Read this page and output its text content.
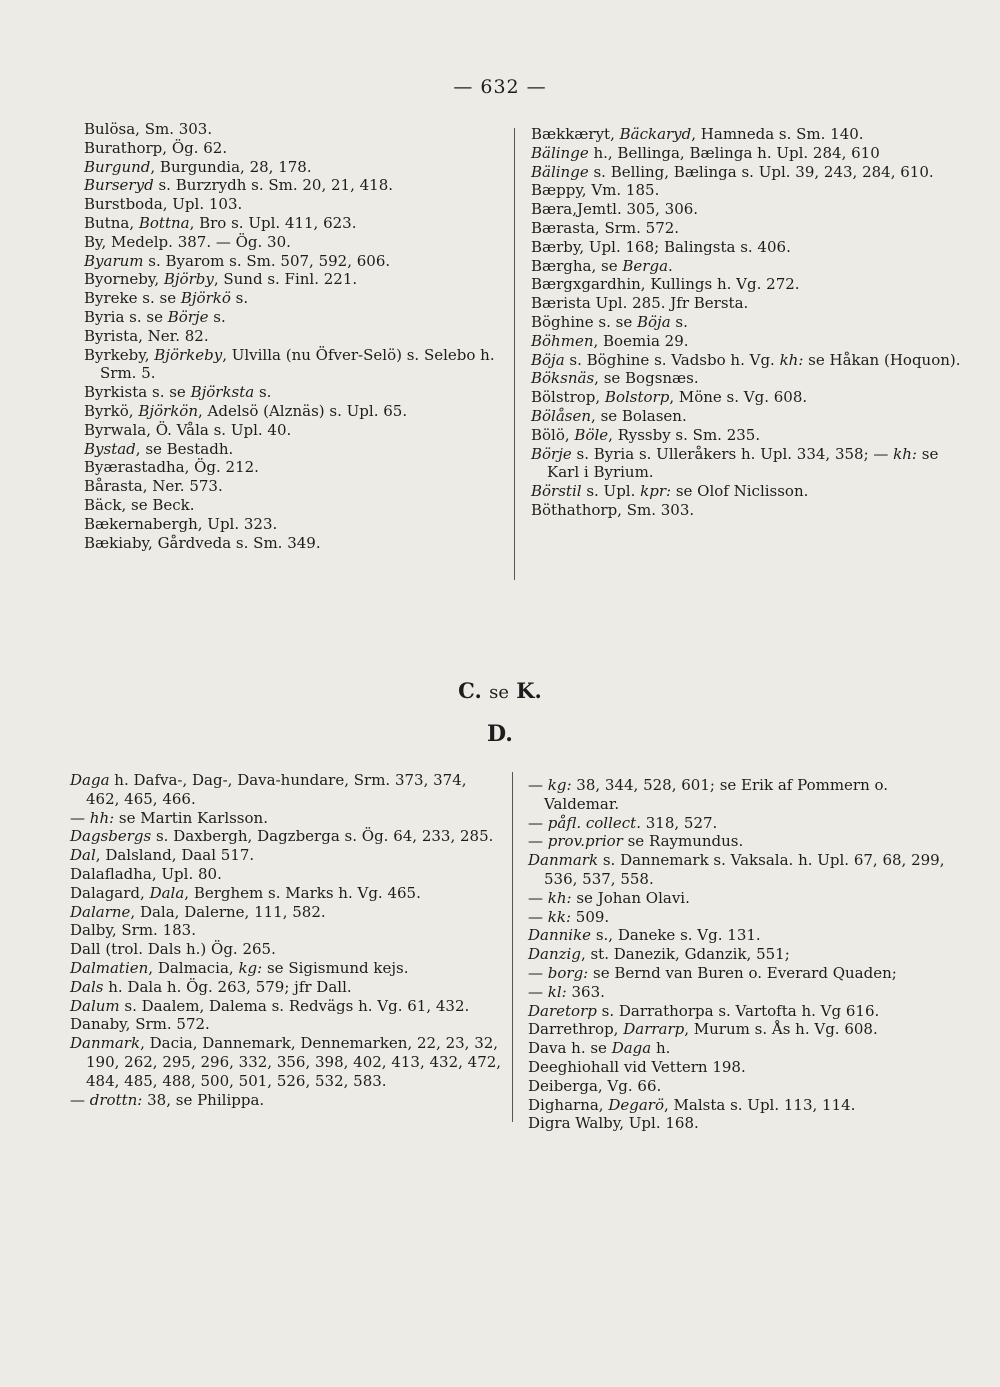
— 632 —

Bulösa, Sm. 303.

Burathorp, Ög. 62.

Burgund, Burgundia, 28, 178.

Burseryd s. Burzrydh s. Sm. 20, 21, 418.

Burstboda, Upl. 103.

Butna, Bottna, Bro s. Upl. 411, 623.

By, Medelp. 387. — Ög. 30.

Byarum s. Byarom s. Sm. 507, 592, 606.

Byorneby, Björby, Sund s. Finl. 221.

Byreke s. se Björkö s.

Byria s. se Börje s.

Byrista, Ner. 82.

Byrkeby, Björkeby, Ulvilla (nu Öfver-Selö) s. Selebo h. Srm. 5.

Byrkista s. se Björksta s.

Byrkö, Björkön, Adelsö (Alznäs) s. Upl. 65.

Byrwala, Ö. Våla s. Upl. 40.

Bystad, se Bestadh.

Byærastadha, Ög. 212.

Bårasta, Ner. 573.

Bäck, se Beck.

Bækernabergh, Upl. 323.

Bækiaby, Gårdveda s. Sm. 349.

Bækkæryt, Bäckaryd, Hamneda s. Sm. 140.

Bälinge h., Bellinga, Bælinga h. Upl. 284, 610

Bälinge s. Belling, Bælinga s. Upl. 39, 243, 284, 610.

Bæppy, Vm. 185.

Bæra,Jemtl. 305, 306.

Bærasta, Srm. 572.

Bærby, Upl. 168; Balingsta s. 406.

Bærgha, se Berga.

Bærgxgardhin, Kullings h. Vg. 272.

Bærista Upl. 285. Jfr Bersta.

Böghine s. se Böja s.

Böhmen, Boemia 29.

Böja s. Böghine s. Vadsbo h. Vg. kh: se Håkan (Hoquon).

Böksnäs, se Bogsnæs.

Bölstrop, Bolstorp, Möne s. Vg. 608.

Bölåsen, se Bolasen.

Bölö, Böle, Ryssby s. Sm. 235.

Börje s. Byria s. Ulleråkers h. Upl. 334, 358; — kh: se Karl i Byrium.

Börstil s. Upl. kpr: se Olof Niclisson.

Böthathorp, Sm. 303.

C. se K.
D.

Daga h. Dafva-, Dag-, Dava-hundare, Srm. 373, 374, 462, 465, 466.

— hh: se Martin Karlsson.

Dagsbergs s. Daxbergh, Dagzberga s. Ög. 64, 233, 285.

Dal, Dalsland, Daal 517.

Dalafladha, Upl. 80.

Dalagard, Dala, Berghem s. Marks h. Vg. 465.

Dalarne, Dala, Dalerne, 111, 582.

Dalby, Srm. 183.

Dall (trol. Dals h.) Ög. 265.

Dalmatien, Dalmacia, kg: se Sigismund kejs.

Dals h. Dala h. Ög. 263, 579; jfr Dall.

Dalum s. Daalem, Dalema s. Redvägs h. Vg. 61, 432.

Danaby, Srm. 572.

Danmark, Dacia, Dannemark, Dennemarken, 22, 23, 32, 190, 262, 295, 296, 332, 356, 398, 402, 413, 432, 472, 484, 485, 488, 500, 501, 526, 532, 583.

— drottn: 38, se Philippa.

— kg: 38, 344, 528, 601; se Erik af Pommern o. Valdemar.

— påfl. collect. 318, 527.

— prov.prior se Raymundus.

Danmark s. Dannemark s. Vaksala. h. Upl. 67, 68, 299, 536, 537, 558.

— kh: se Johan Olavi.

— kk: 509.

Dannike s., Daneke s. Vg. 131.

Danzig, st. Danezik, Gdanzik, 551;

— borg: se Bernd van Buren o. Everard Quaden;

— kl: 363.

Daretorp s. Darrathorpa s. Vartofta h. Vg 616.

Darrethrop, Darrarp, Murum s. Ås h. Vg. 608.

Dava h. se Daga h.

Deeghiohall vid Vettern 198.

Deiberga, Vg. 66.

Digharna, Degarö, Malsta s. Upl. 113, 114.

Digra Walby, Upl. 168.
